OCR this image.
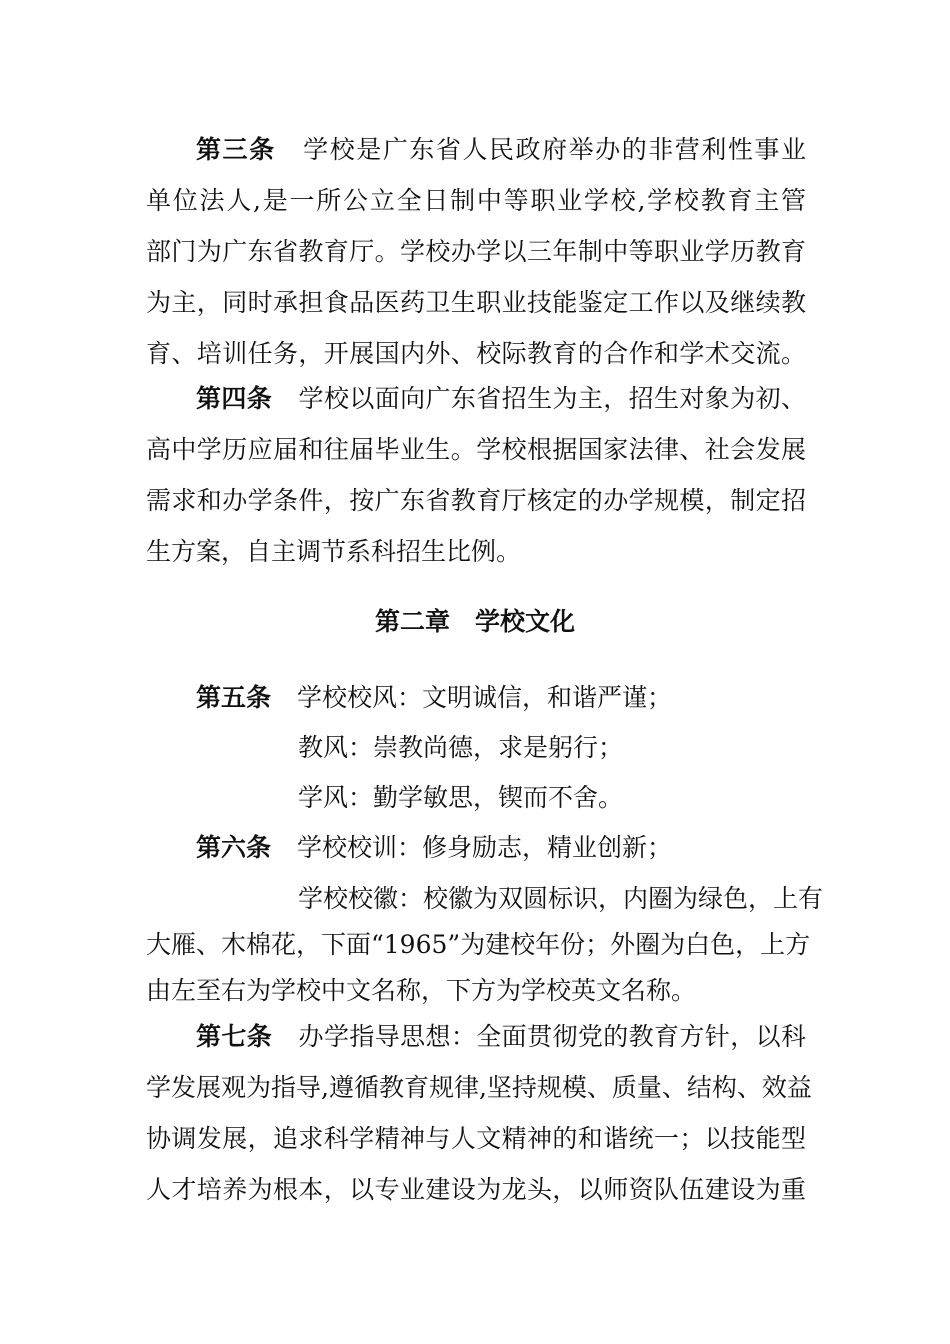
第三条 学校是广东省人民政府举办的非营利性事业
单位法人,是一所公立全日制中等职业学校,学校教育主管
部门为广东省教育厅。学校办学以三年制中等职业学历教育
为主，同时承担食品医药卫生职业技能鉴定工作以及继续教
育、培训任务，开展国内外、校际教育的合作和学术交流。
第四条 学校以面向广东省招生为主，招生对象为初、
高中学历应届和往届毕业生。学校根据国家法律、社会发展
需求和办学条件，按广东省教育厅核定的办学规模，制定招
生方案，自主调节系科招生比例。
第二章　学校文化
第五条 学校校风：文明诚信，和谐严谨；
教风：崇教尚德，求是躬行；
学风：勤学敏思，锲而不舍。
第六条 学校校训：修身励志，精业创新；
学校校徽：校徽为双圆标识，内圈为绿色，上有
大雁、木棉花，下面“1965”为建校年份；外圈为白色，上方
由左至右为学校中文名称，下方为学校英文名称。
第七条 办学指导思想：全面贯彻党的教育方针，以科
学发展观为指导,遵循教育规律,坚持规模、质量、结构、效益
协调发展，追求科学精神与人文精神的和谐统一；以技能型
人才培养为根本，以专业建设为龙头，以师资队伍建设为重
